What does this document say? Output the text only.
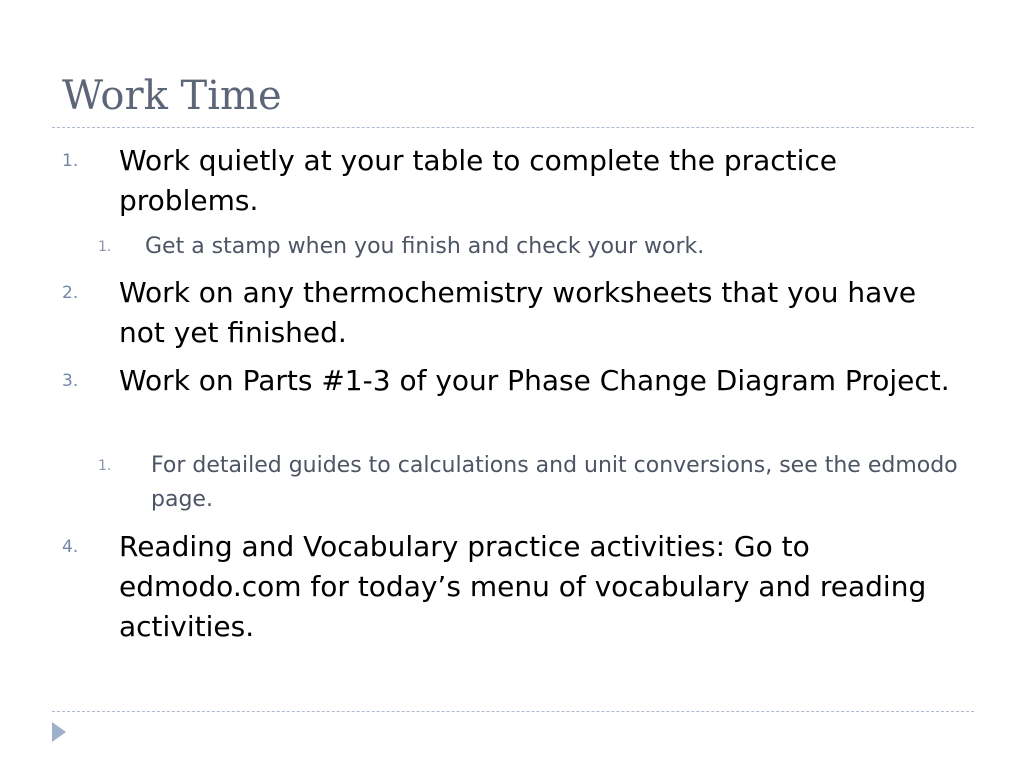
Work Time
1. Work quietly at your table to complete the practice problems.
1. Get a stamp when you finish and check your work.
2. Work on any thermochemistry worksheets that you have not yet finished.
3. Work on Parts #1-3 of your Phase Change Diagram Project.
1. For detailed guides to calculations and unit conversions, see the edmodo page.
4. Reading and Vocabulary practice activities: Go to edmodo.com for today’s menu of vocabulary and reading activities.
